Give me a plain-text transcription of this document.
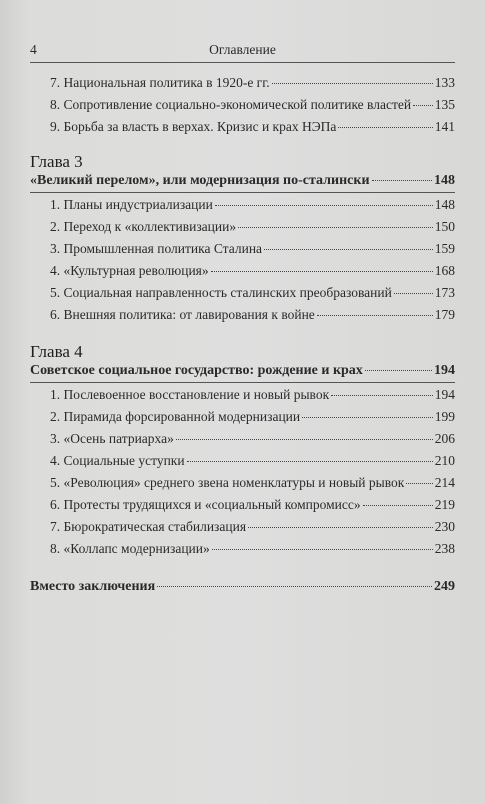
4	Оглавление
7. Национальная политика в 1920-е гг.	133
8. Сопротивление социально-экономической политике властей 135
9. Борьба за власть в верхах. Кризис и крах НЭПа	141
Глава 3
«Великий перелом», или модернизация по-сталински	148
1. Планы индустриализации	148
2. Переход к «коллективизации»	150
3. Промышленная политика Сталина	159
4. «Культурная революция»	168
5. Социальная направленность сталинских преобразований	173
6. Внешняя политика: от лавирования к войне	179
Глава 4
Советское социальное государство: рождение и крах	194
1. Послевоенное восстановление и новый рывок	194
2. Пирамида форсированной модернизации	199
3. «Осень патриарха»	206
4. Социальные уступки	210
5. «Революция» среднего звена номенклатуры и новый рывок 214
6. Протесты трудящихся и «социальный компромисс»	219
7. Бюрократическая стабилизация	230
8. «Коллапс модернизации»	238
Вместо заключения	249
